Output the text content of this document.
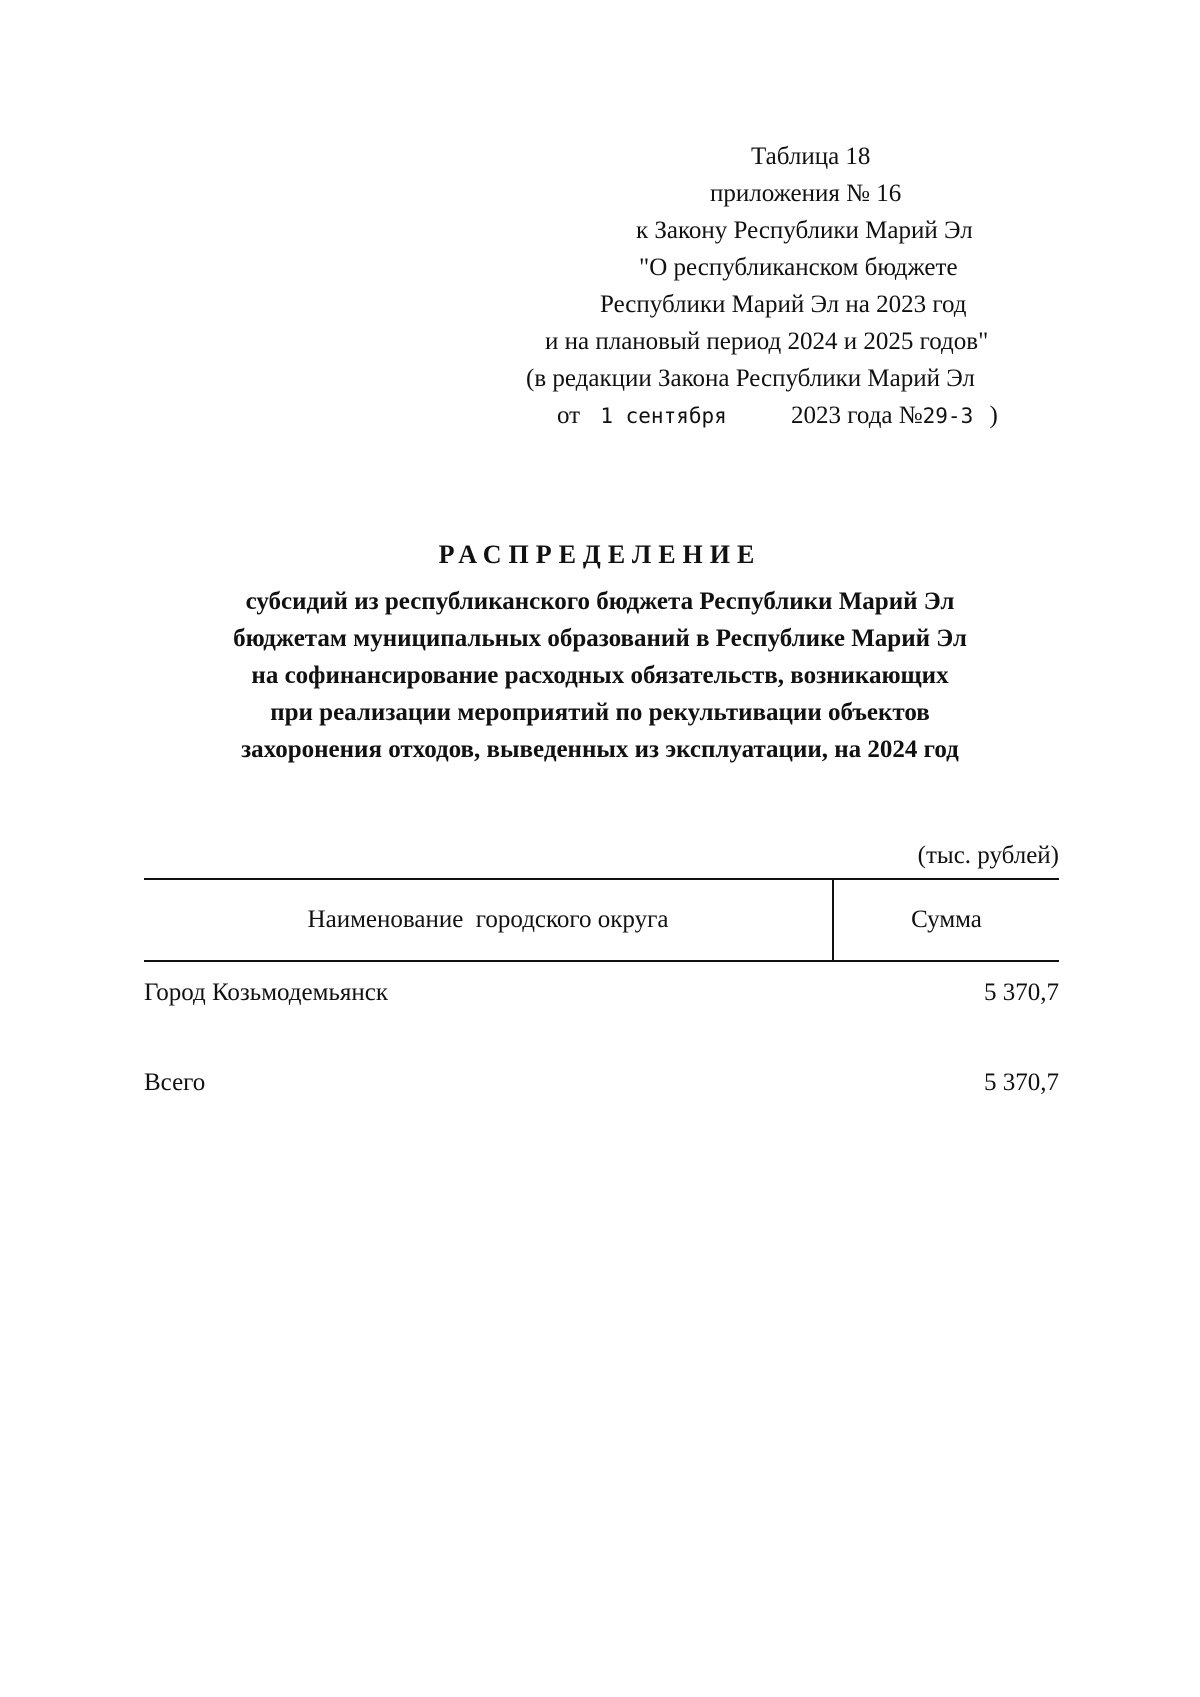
Таблица 18
приложения № 16
к Закону Республики Марий Эл
"О республиканском бюджете
Республики Марий Эл на 2023 год
и на плановый период 2024 и 2025 годов"
(в редакции Закона Республики Марий Эл
от 1 сентября	2023 года №29-З )
РАСПРЕДЕЛЕНИЕ
субсидий из республиканского бюджета Республики Марий Эл
бюджетам муниципальных образований в Республике Марий Эл
на софинансирование расходных обязательств, возникающих
при реализации мероприятий по рекультивации объектов
захоронения отходов, выведенных из эксплуатации, на 2024 год
(тыс. рублей)
Наименование  городского округа	Сумма
Город Козьмодемьянск	5 370,7
Всего	5 370,7
